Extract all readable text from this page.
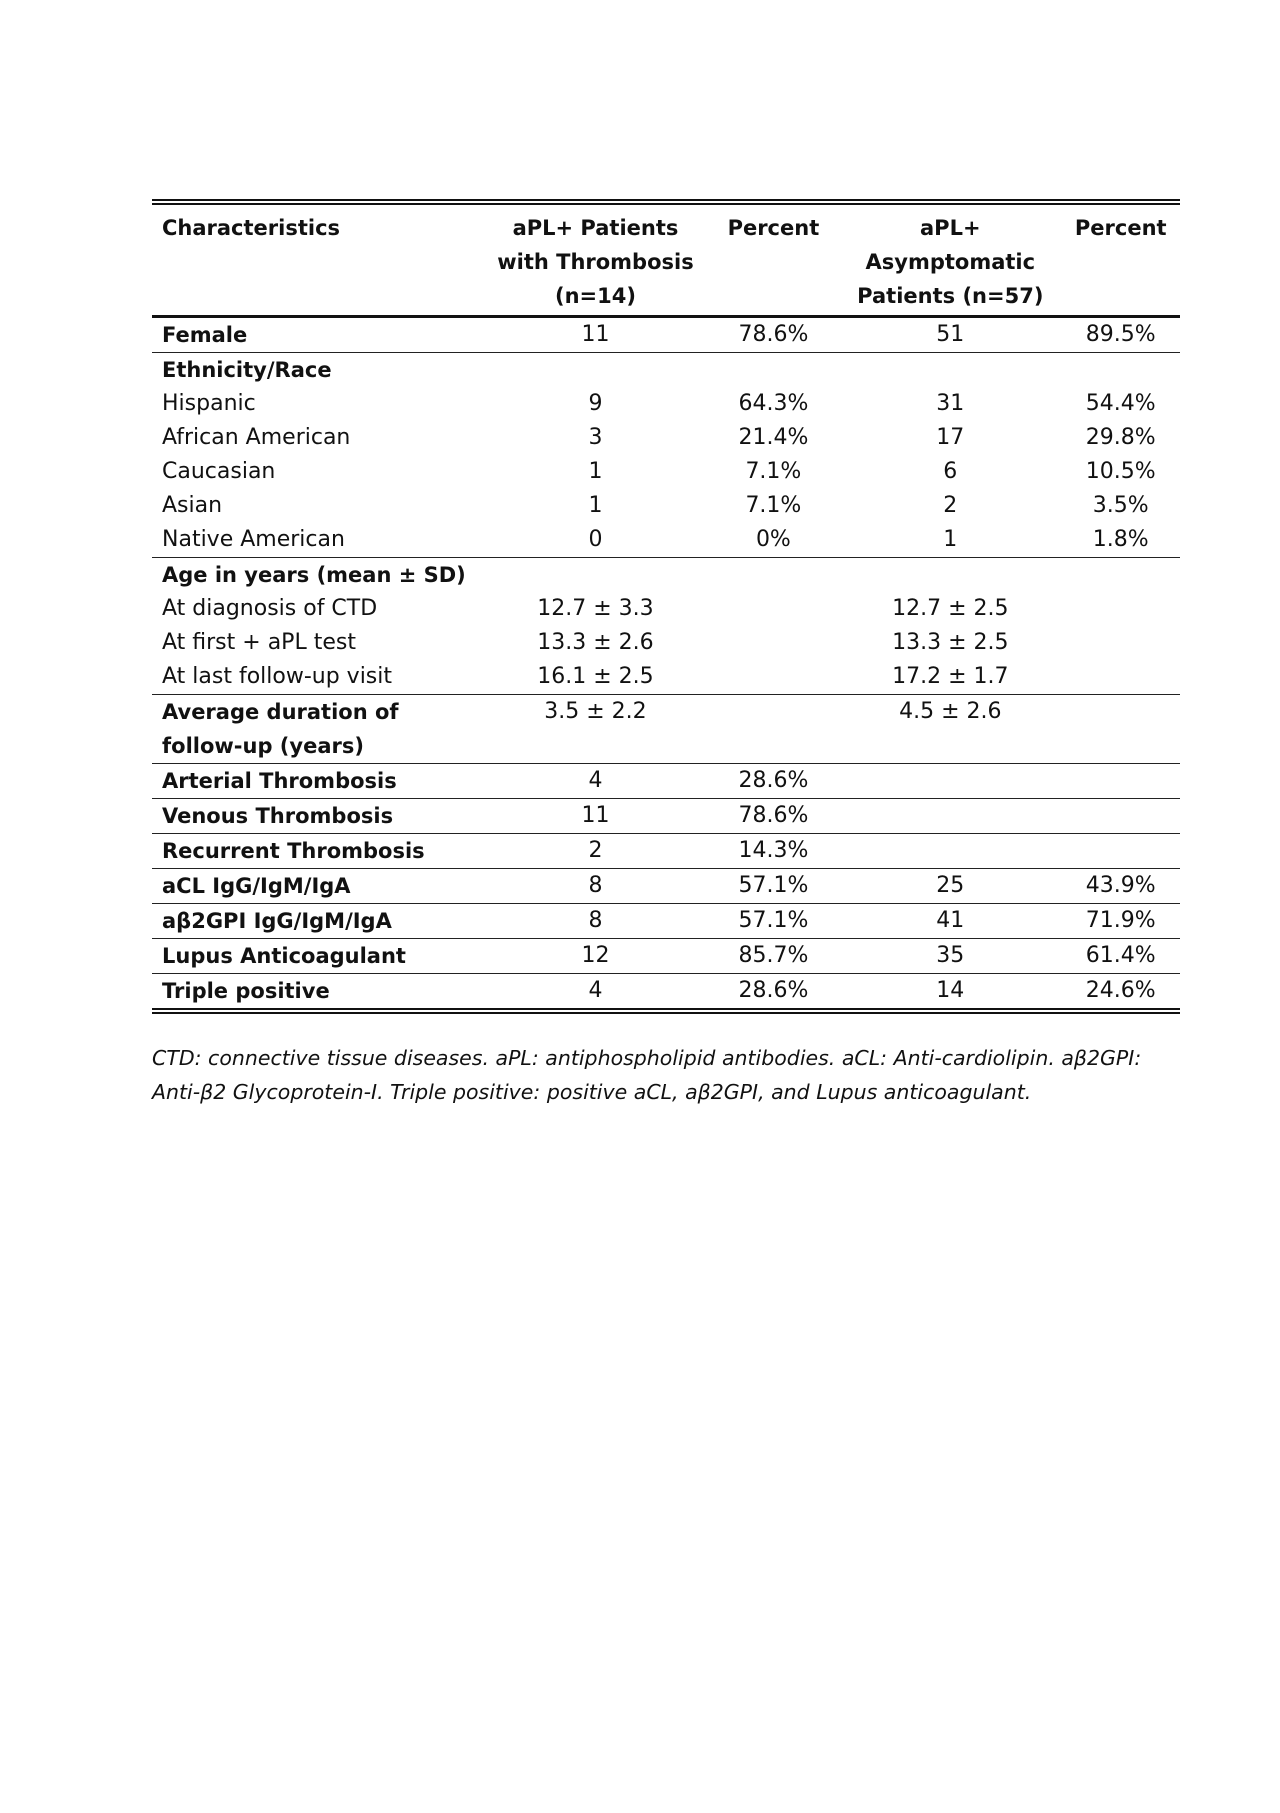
Characteristics	aPL+ Patients with Thrombosis (n=14)	Percent	aPL+ Asymptomatic Patients (n=57)	Percent
Female	11	78.6%	51	89.5%
Ethnicity/Race				
Hispanic	9	64.3%	31	54.4%
African American	3	21.4%	17	29.8%
Caucasian	1	7.1%	6	10.5%
Asian	1	7.1%	2	3.5%
Native American	0	0%	1	1.8%
Age in years (mean ± SD)				
At diagnosis of CTD	12.7 ± 3.3		12.7 ± 2.5	
At first + aPL test	13.3 ± 2.6		13.3 ± 2.5	
At last follow-up visit	16.1 ± 2.5		17.2 ± 1.7	
Average duration of follow-up (years)	3.5 ± 2.2		4.5 ± 2.6	
Arterial Thrombosis	4	28.6%		
Venous Thrombosis	11	78.6%		
Recurrent Thrombosis	2	14.3%		
aCL IgG/IgM/IgA	8	57.1%	25	43.9%
aβ2GPI IgG/IgM/IgA	8	57.1%	41	71.9%
Lupus Anticoagulant	12	85.7%	35	61.4%
Triple positive	4	28.6%	14	24.6%

CTD: connective tissue diseases. aPL: antiphospholipid antibodies. aCL: Anti-cardiolipin. aβ2GPI: Anti-β2 Glycoprotein-I. Triple positive: positive aCL, aβ2GPI, and Lupus anticoagulant.
